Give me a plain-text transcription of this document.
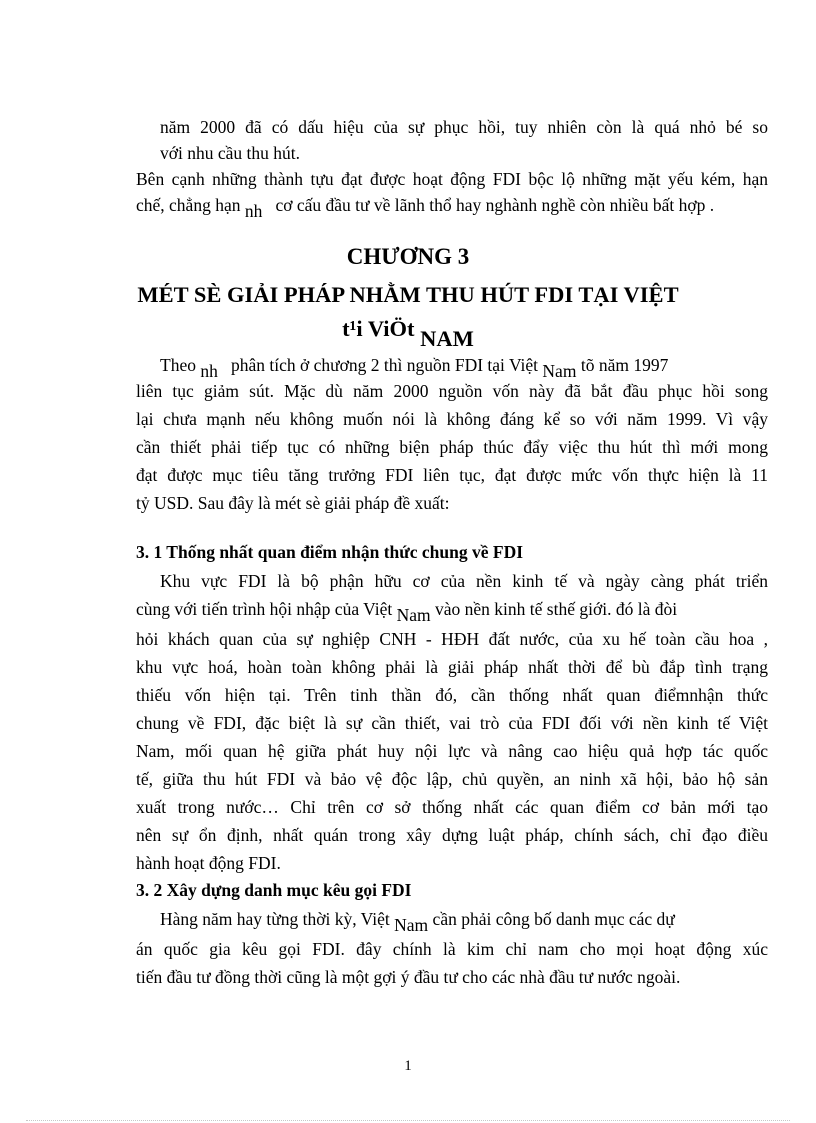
năm 2000 đã có dấu hiệu của sự phục hồi, tuy nhiên còn là quá nhỏ bé so
với nhu cầu thu hút.
Bên cạnh những thành tựu đạt được hoạt động FDI bộc lộ những mặt yếu kém, hạn
chế, chẳng hạn nh cơ cấu đầu tư về lãnh thổ hay nghành nghề còn nhiều bất hợp .
CHƯƠNG 3
MÉT SÈ GIẢI PHÁP NHẰM THU HÚT FDI TẠI VIỆT
t¹i ViÖt NAM
Theo nh phân tích ở chương 2 thì nguồn FDI tại Việt Nam tõ năm 1997
liên tục giảm sút. Mặc dù năm 2000 nguồn vốn này đã bắt đầu phục hồi song
lại chưa mạnh nếu không muốn nói là không đáng kể so với năm 1999. Vì vậy
cần thiết phải tiếp tục có những biện pháp thúc đẩy việc thu hút thì mới mong
đạt được mục tiêu tăng trưởng FDI liên tục, đạt được mức vốn thực hiện là 11
tỷ USD. Sau đây là mét sè giải pháp đề xuất:
3. 1 Thống nhất quan điểm nhận thức chung về FDI
Khu vực FDI là bộ phận hữu cơ của nền kinh tế và ngày càng phát triển
cùng với tiến trình hội nhập của Việt Nam vào nền kinh tế sthế giới. đó là đòi
hỏi khách quan của sự nghiệp CNH - HĐH đất nước, của xu hế toàn cầu hoa ,
khu vực hoá, hoàn toàn không phải là giải pháp nhất thời để bù đắp tình trạng
thiếu vốn hiện tại. Trên tinh thần đó, cần thống nhất quan điểmnhận thức
chung về FDI, đặc biệt là sự cần thiết, vai trò của FDI đối với nền kinh tế Việt
Nam, mối quan hệ giữa phát huy nội lực và nâng cao hiệu quả hợp tác quốc
tế, giữa thu hút FDI và bảo vệ độc lập, chủ quyền, an ninh xã hội, bảo hộ sản
xuất trong nước… Chỉ trên cơ sở thống nhất các quan điểm cơ bản mới tạo
nên sự ổn định, nhất quán trong xây dựng luật pháp, chính sách, chỉ đạo điều
hành hoạt động FDI.
3. 2 Xây dựng danh mục kêu gọi FDI
Hàng năm hay từng thời kỳ, Việt Nam cần phải công bố danh mục các dự
án quốc gia kêu gọi FDI. đây chính là kim chỉ nam cho mọi hoạt động xúc
tiến đầu tư đồng thời cũng là một gợi ý đầu tư cho các nhà đầu tư nước ngoài.
1
